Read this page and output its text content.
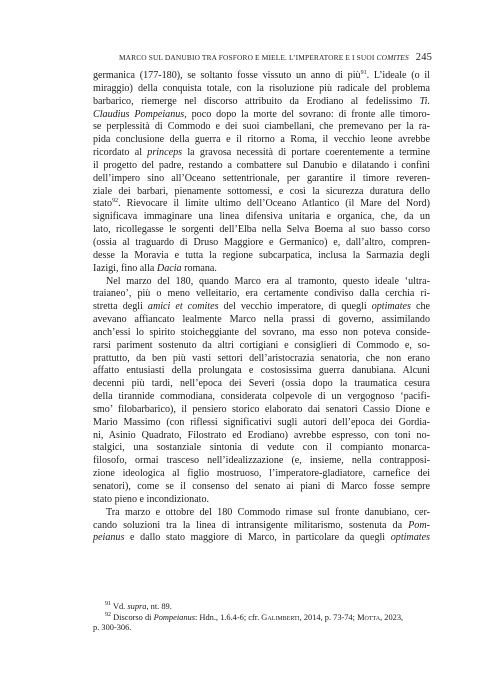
MARCO SUL DANUBIO TRA FOSFORO E MIELE. L’IMPERATORE E I SUOI COMITES 245

germanica (177-180), se soltanto fosse vissuto un anno di più$^{91}$. L’ideale (o il
miraggio) della conquista totale, con la risoluzione più radicale del problema
barbarico, riemerge nel discorso attribuito da Erodiano al fedelissimo Ti.
Claudius Pompeianus, poco dopo la morte del sovrano: di fronte alle timoro-
se perplessità di Commodo e dei suoi ciambellani, che premevano per la ra-
pida conclusione della guerra e il ritorno a Roma, il vecchio leone avrebbe
ricordato al princeps la gravosa necessità di portare coerentemente a termine
il progetto del padre, restando a combattere sul Danubio e dilatando i confini
dell’impero sino all’Oceano settentrionale, per garantire il timore reveren-
ziale dei barbari, pienamente sottomessi, e così la sicurezza duratura dello
stato$^{92}$. Rievocare il limite ultimo dell’Oceano Atlantico (il Mare del Nord)
significava immaginare una linea difensiva unitaria e organica, che, da un
lato, ricollegasse le sorgenti dell’Elba nella Selva Boema al suo basso corso
(ossia al traguardo di Druso Maggiore e Germanico) e, dall’altro, compren-
desse la Moravia e tutta la regione subcarpatica, inclusa la Sarmazia degli
Iazigi, fino alla Dacia romana.

Nel marzo del 180, quando Marco era al tramonto, questo ideale ‘ultra-
traianeo’, più o meno velleitario, era certamente condiviso dalla cerchia ri-
stretta degli amici et comites del vecchio imperatore, di quegli optimates che
avevano affiancato lealmente Marco nella prassi di governo, assimilando
anch’essi lo spirito stoicheggiante del sovrano, ma esso non poteva conside-
rarsi pariment sostenuto da altri cortigiani e consiglieri di Commodo e, so-
prattutto, da ben più vasti settori dell’aristocrazia senatoria, che non erano
affatto entusiasti della prolungata e costosissima guerra danubiana. Alcuni
decenni più tardi, nell’epoca dei Severi (ossia dopo la traumatica cesura
della tirannide commodiana, considerata colpevole di un vergognoso ‘pacifi-
smo’ filobarbarico), il pensiero storico elaborato dai senatori Cassio Dione e
Mario Massimo (con riflessi significativi sugli autori dell’epoca dei Gordia-
ni, Asinio Quadrato, Filostrato ed Erodiano) avrebbe espresso, con toni no-
stalgici, una sostanziale sintonia di vedute con il compianto monarca-
filosofo, ormai trasceso nell’idealizzazione (e, insieme, nella contrapposi-
zione ideologica al figlio mostruoso, l’imperatore-gladiatore, carnefice dei
senatori), come se il consenso del senato ai piani di Marco fosse sempre
stato pieno e incondizionato.

Tra marzo e ottobre del 180 Commodo rimase sul fronte danubiano, cer-
cando soluzioni tra la linea di intransigente militarismo, sostenuta da Pom-
peianus e dallo stato maggiore di Marco, in particolare da quegli optimates

$^{91}$ Vd. supra, nt. 89.
$^{92}$ Discorso di Pompeianus: Hdn., 1.6.4-6; cfr. Galimberti, 2014, p. 73-74; Motta, 2023,
p. 300-306.
